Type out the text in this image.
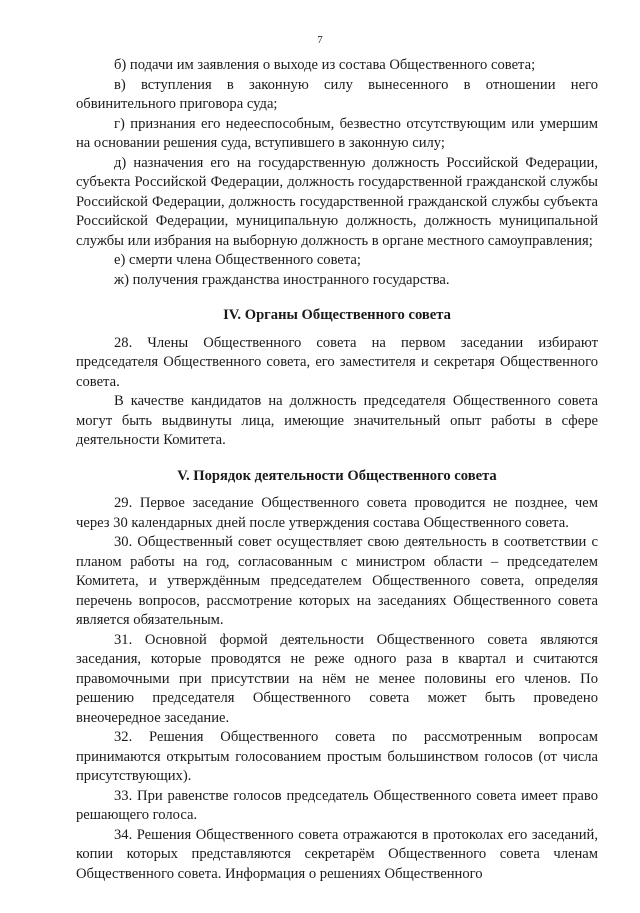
7

б) подачи им заявления о выходе из состава Общественного совета;

в) вступления в законную силу вынесенного в отношении него обвинительного приговора суда;

г) признания его недееспособным, безвестно отсутствующим или умершим на основании решения суда, вступившего в законную силу;

д) назначения его на государственную должность Российской Федерации, субъекта Российской Федерации, должность государственной гражданской службы Российской Федерации, должность государственной гражданской службы субъекта Российской Федерации, муниципальную должность, должность муниципальной службы или избрания на выборную должность в органе местного самоуправления;

е) смерти члена Общественного совета;

ж) получения гражданства иностранного государства.

IV. Органы Общественного совета

28. Члены Общественного совета на первом заседании избирают председателя Общественного совета, его заместителя и секретаря Общественного совета.

В качестве кандидатов на должность председателя Общественного совета могут быть выдвинуты лица, имеющие значительный опыт работы в сфере деятельности Комитета.

V. Порядок деятельности Общественного совета

29. Первое заседание Общественного совета проводится не позднее, чем через 30 календарных дней после утверждения состава Общественного совета.

30. Общественный совет осуществляет свою деятельность в соответствии с планом работы на год, согласованным с министром области – председателем Комитета, и утверждённым председателем Общественного совета, определяя перечень вопросов, рассмотрение которых на заседаниях Общественного совета является обязательным.

31. Основной формой деятельности Общественного совета являются заседания, которые проводятся не реже одного раза в квартал и считаются правомочными при присутствии на нём не менее половины его членов. По решению председателя Общественного совета может быть проведено внеочередное заседание.

32. Решения Общественного совета по рассмотренным вопросам принимаются открытым голосованием простым большинством голосов (от числа присутствующих).

33. При равенстве голосов председатель Общественного совета имеет право решающего голоса.

34. Решения Общественного совета отражаются в протоколах его заседаний, копии которых представляются секретарём Общественного совета членам Общественного совета. Информация о решениях Общественного
